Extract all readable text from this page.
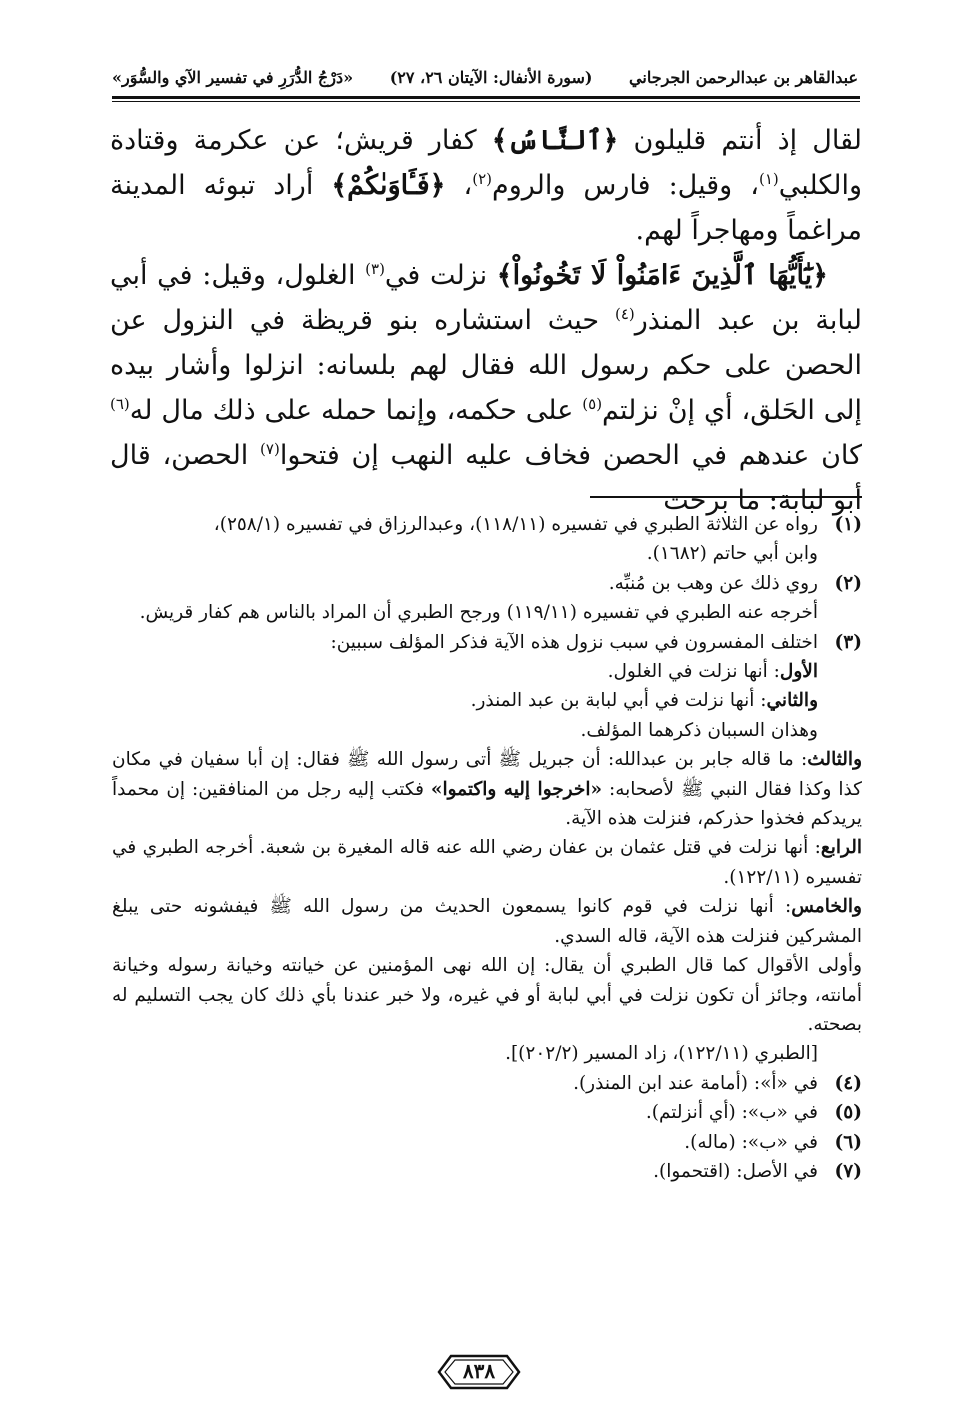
عبدالقاهر بن عبدالرحمن الجرجاني
(سورة الأنفال: الآيتان ٢٦، ٢٧)
«دَرْجُ الدُّرَرِ في تفسير الآي والسُّوَر»

لقال إذ أنتم قليلون ﴿ٱلنَّاسُ﴾ كفار قريش؛ عن عكرمة وقتادة والكلبي$^{(١)}$، وقيل: فارس والروم$^{(٢)}$، ﴿فَـَٔاوَىٰكُمْ﴾ أراد تبوئه المدينة مراغماً ومهاجراً لهم.

﴿يَٰٓأَيُّهَا ٱلَّذِينَ ءَامَنُواْ لَا تَخُونُواْ﴾ نزلت في$^{(٣)}$ الغلول، وقيل: في أبي لبابة بن عبد المنذر$^{(٤)}$ حيث استشاره بنو قريظة في النزول عن الحصن على حكم رسول الله فقال لهم بلسانه: انزلوا وأشار بيده إلى الحَلق، أي إنْ نزلتم$^{(٥)}$ على حكمه، وإنما حمله على ذلك مال له$^{(٦)}$ كان عندهم في الحصن فخاف عليه النهب إن فتحوا$^{(٧)}$ الحصن، قال أبو لبابة: ما برحت

(١)

رواه عن الثلاثة الطبري في تفسيره (١١٨/١١)، وعبدالرزاق في تفسيره (٢٥٨/١)،

وابن أبي حاتم (١٦٨٢).

(٢)

روي ذلك عن وهب بن مُنبِّه.

أخرجه عنه الطبري في تفسيره (١١٩/١١) ورجح الطبري أن المراد بالناس هم كفار قريش.

(٣)

اختلف المفسرون في سبب نزول هذه الآية فذكر المؤلف سببين:

الأول: أنها نزلت في الغلول.

والثاني: أنها نزلت في أبي لبابة بن عبد المنذر.

وهذان السببان ذكرهما المؤلف.

والثالث: ما قاله جابر بن عبدالله: أن جبريل ﷺ أتى رسول الله ﷺ فقال: إن أبا سفيان في مكان كذا وكذا فقال النبي ﷺ لأصحابه: «اخرجوا إليه واكتموا» فكتب إليه رجل من المنافقين: إن محمداً يريدكم فخذوا حذركم، فنزلت هذه الآية.

الرابع: أنها نزلت في قتل عثمان بن عفان رضي الله عنه قاله المغيرة بن شعبة. أخرجه الطبري في تفسيره (١٢٢/١١).

والخامس: أنها نزلت في قوم كانوا يسمعون الحديث من رسول الله ﷺ فيفشونه حتى يبلغ المشركين فنزلت هذه الآية، قاله السدي.

وأولى الأقوال كما قال الطبري أن يقال: إن الله نهى المؤمنين عن خيانته وخيانة رسوله وخيانة أمانته، وجائز أن تكون نزلت في أبي لبابة أو في غيره، ولا خبر عندنا بأي ذلك كان يجب التسليم له بصحته.

[الطبري (١٢٢/١١)، زاد المسير (٢٠٢/٢)].

(٤)

في «أ»: (أمامة عند ابن المنذر).

(٥)

في «ب»: (أي أنزلتم).

(٦)

في «ب»: (ماله).

(٧)

في الأصل: (اقتحموا).

٨٣٨
